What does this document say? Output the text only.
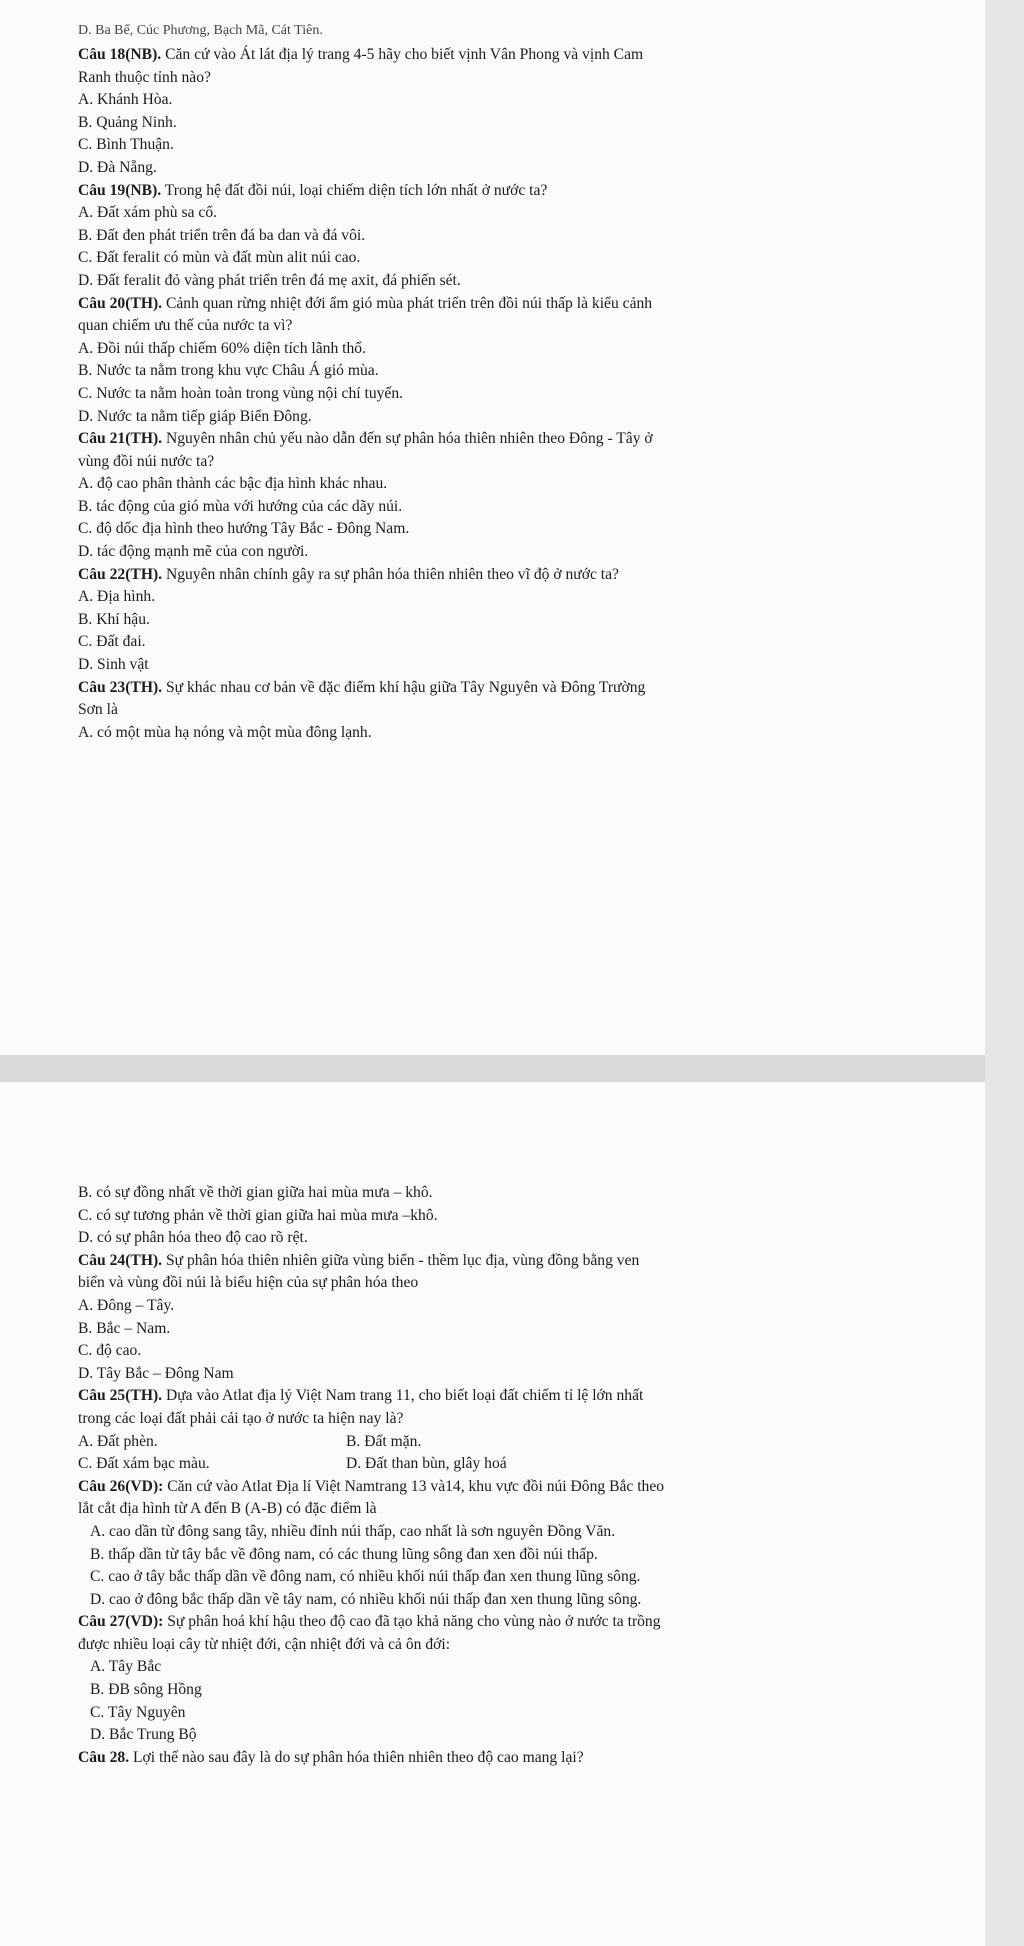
D. Ba Bể, Cúc Phương, Bạch Mã, Cát Tiên.
Câu 18(NB). Căn cứ vào Át lát địa lý trang 4-5 hãy cho biết vịnh Vân Phong và vịnh Cam
Ranh thuộc tỉnh nào?
A. Khánh Hòa.
B. Quảng Ninh.
C. Bình Thuận.
D. Đà Nẵng.
Câu 19(NB). Trong hệ đất đồi núi, loại chiếm diện tích lớn nhất ở nước ta?
A. Đất xám phù sa cổ.
B. Đất đen phát triển trên đá ba dan và đá vôi.
C. Đất feralit có mùn và đất mùn alit núi cao.
D. Đất feralit đỏ vàng phát triển trên đá mẹ axit, đá phiến sét.
Câu 20(TH). Cảnh quan rừng nhiệt đới ẩm gió mùa phát triển trên đồi núi thấp là kiểu cảnh
quan chiếm ưu thế của nước ta vì?
A. Đồi núi thấp chiếm 60% diện tích lãnh thổ.
B. Nước ta nằm trong khu vực Châu Á gió mùa.
C. Nước ta nằm hoàn toàn trong vùng nội chí tuyến.
D. Nước ta nằm tiếp giáp Biển Đông.
Câu 21(TH). Nguyên nhân chủ yếu nào dẫn đến sự phân hóa thiên nhiên theo Đông - Tây ở
vùng đồi núi nước ta?
A. độ cao phân thành các bậc địa hình khác nhau.
B. tác động của gió mùa với hướng của các dãy núi.
C. độ dốc địa hình theo hướng Tây Bắc - Đông Nam.
D. tác động mạnh mẽ của con người.
Câu 22(TH). Nguyên nhân chính gây ra sự phân hóa thiên nhiên theo vĩ độ ở nước ta?
A. Địa hình.
B. Khí hậu.
C. Đất đai.
D. Sinh vật
Câu 23(TH). Sự khác nhau cơ bản về đặc điểm khí hậu giữa Tây Nguyên và Đông Trường
Sơn là
A. có một mùa hạ nóng và một mùa đông lạnh.
B. có sự đồng nhất về thời gian giữa hai mùa mưa – khô.
C. có sự tương phản về thời gian giữa hai mùa mưa –khô.
D. có sự phân hóa theo độ cao rõ rệt.
Câu 24(TH). Sự phân hóa thiên nhiên giữa vùng biển - thềm lục địa, vùng đồng bằng ven
biển và vùng đồi núi là biểu hiện của sự phân hóa theo
A. Đông – Tây.
B. Bắc – Nam.
C. độ cao.
D. Tây Bắc – Đông Nam
Câu 25(TH). Dựa vào Atlat địa lý Việt Nam trang 11, cho biết loại đất chiếm tỉ lệ lớn nhất
trong các loại đất phải cải tạo ở nước ta hiện nay là?
A. Đất phèn.	B. Đất mặn.
C. Đất xám bạc màu.	D. Đất than bùn, glây hoá
Câu 26(VD): Căn cứ vào Atlat Địa lí Việt Namtrang 13 và14, khu vực đồi núi Đông Bắc theo
lắt cắt địa hình từ A đến B (A-B) có đặc điểm là
A. cao dần từ đông sang tây, nhiều đỉnh núi thấp, cao nhất là sơn nguyên Đồng Văn.
B. thấp dần từ tây bắc về đông nam, có các thung lũng sông đan xen đồi núi thấp.
C. cao ở tây bắc thấp dần về đông nam, có nhiều khối núi thấp đan xen thung lũng sông.
D. cao ở đông bắc thấp dần về tây nam, có nhiều khối núi thấp đan xen thung lũng sông.
Câu 27(VD): Sự phân hoá khí hậu theo độ cao đã tạo khả năng cho vùng nào ở nước ta trồng
được nhiều loại cây từ nhiệt đới, cận nhiệt đới và cả ôn đới:
A. Tây Bắc
B. ĐB sông Hồng
C. Tây Nguyên
D. Bắc Trung Bộ
Câu 28. Lợi thế nào sau đây là do sự phân hóa thiên nhiên theo độ cao mang lại?
